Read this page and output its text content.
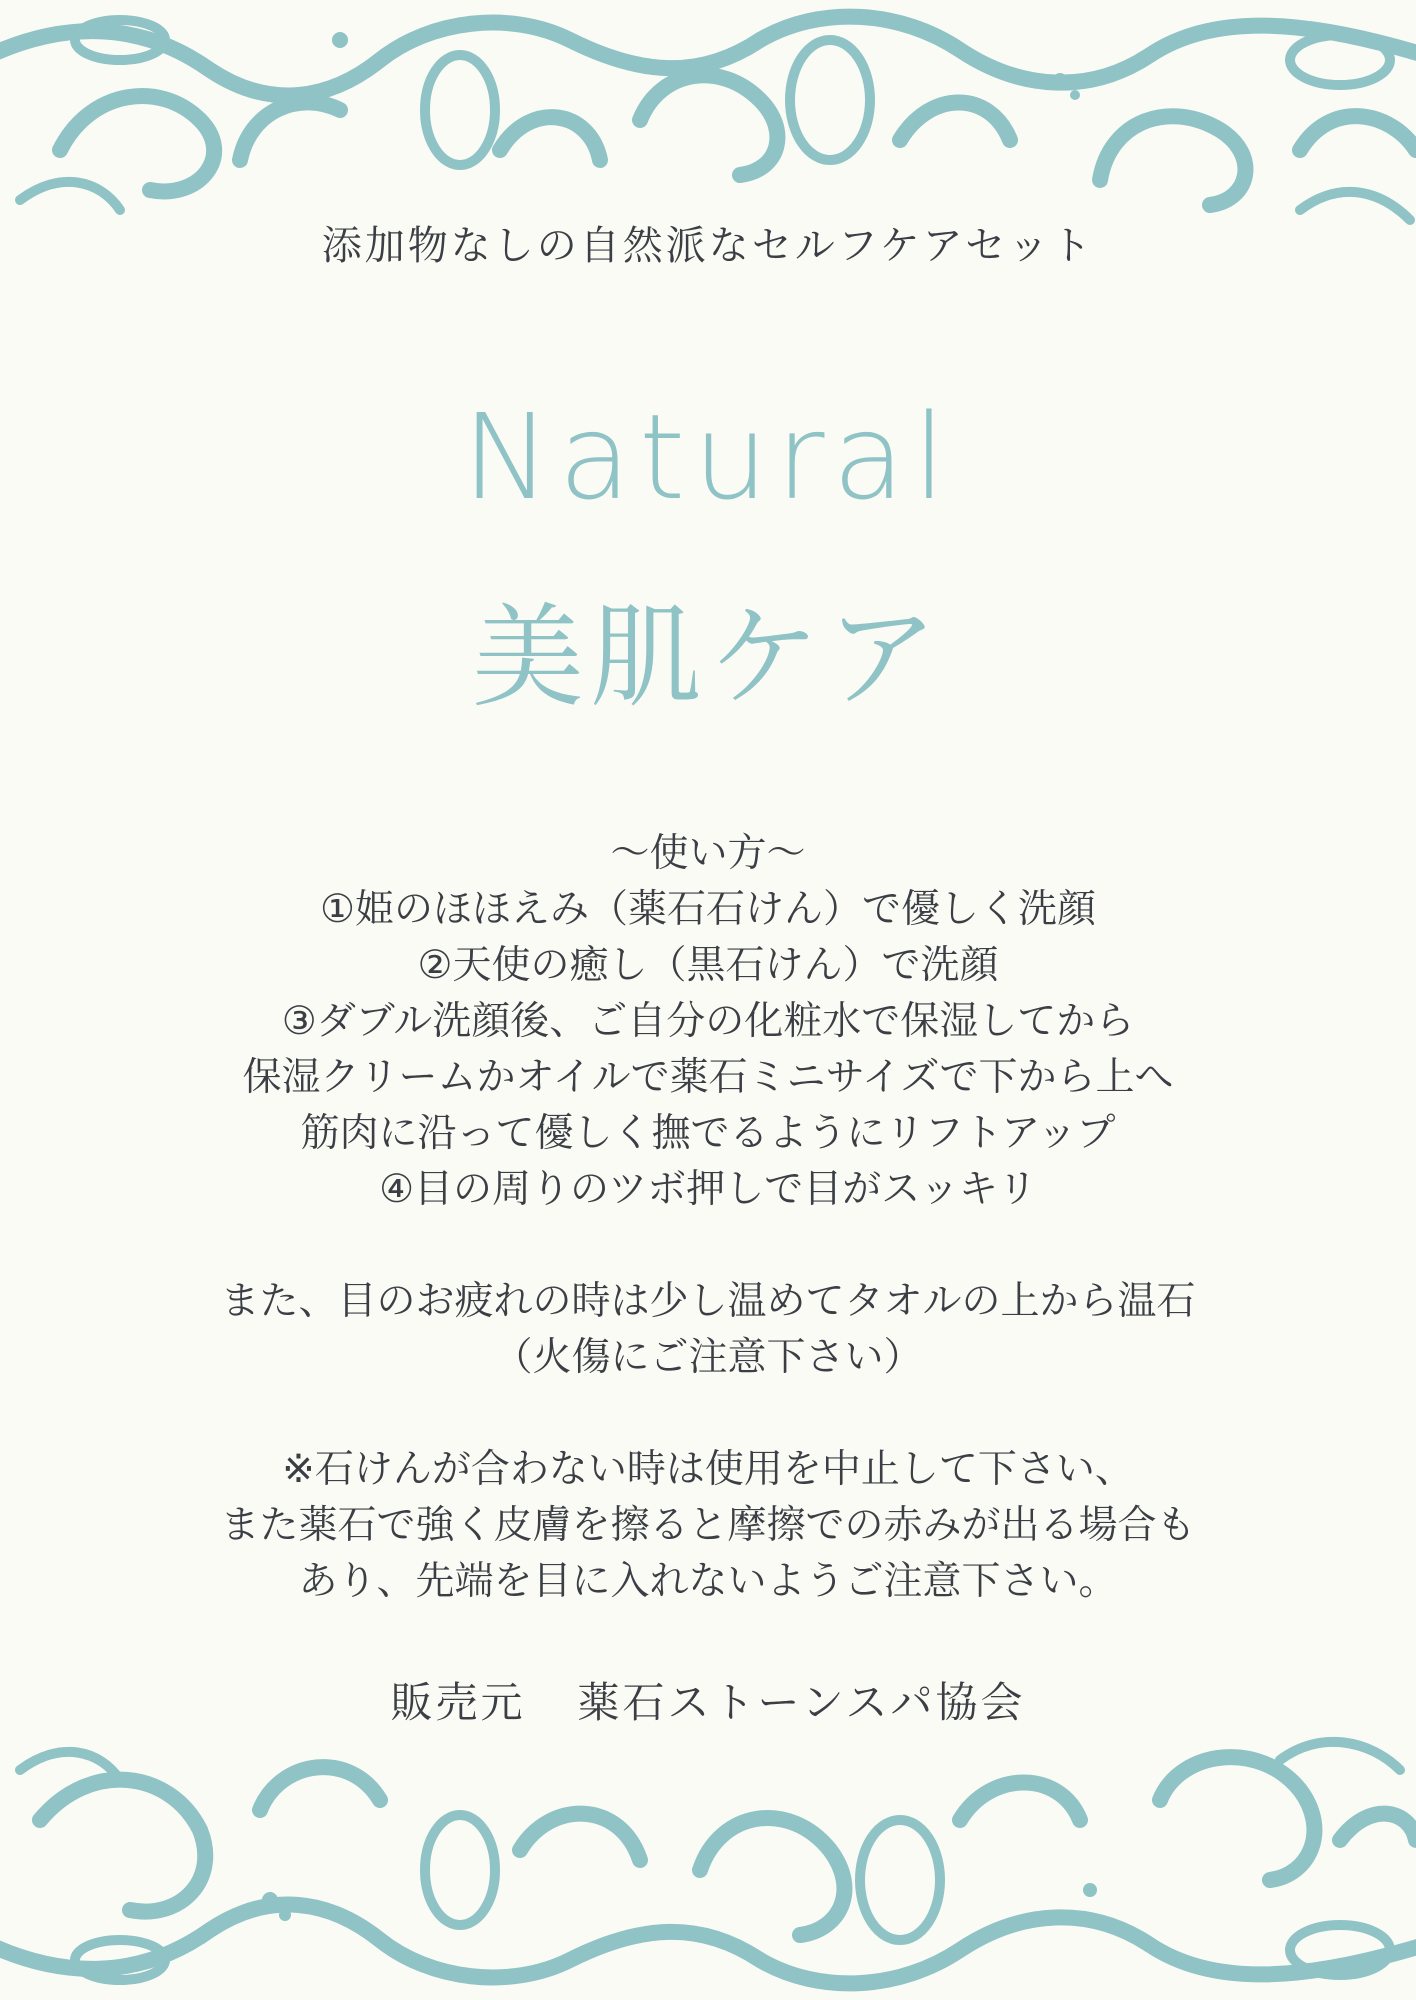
添加物なしの自然派なセルフケアセット
Natural
美肌ケア
〜使い方〜
①姫のほほえみ（薬石石けん）で優しく洗顔
②天使の癒し（黒石けん）で洗顔
③ダブル洗顔後、ご自分の化粧水で保湿してから
保湿クリームかオイルで薬石ミニサイズで下から上へ
筋肉に沿って優しく撫でるようにリフトアップ
④目の周りのツボ押しで目がスッキリ
また、目のお疲れの時は少し温めてタオルの上から温石
（火傷にご注意下さい）
※石けんが合わない時は使用を中止して下さい、
また薬石で強く皮膚を擦ると摩擦での赤みが出る場合も
あり、先端を目に入れないようご注意下さい。
販売元 薬石ストーンスパ協会
